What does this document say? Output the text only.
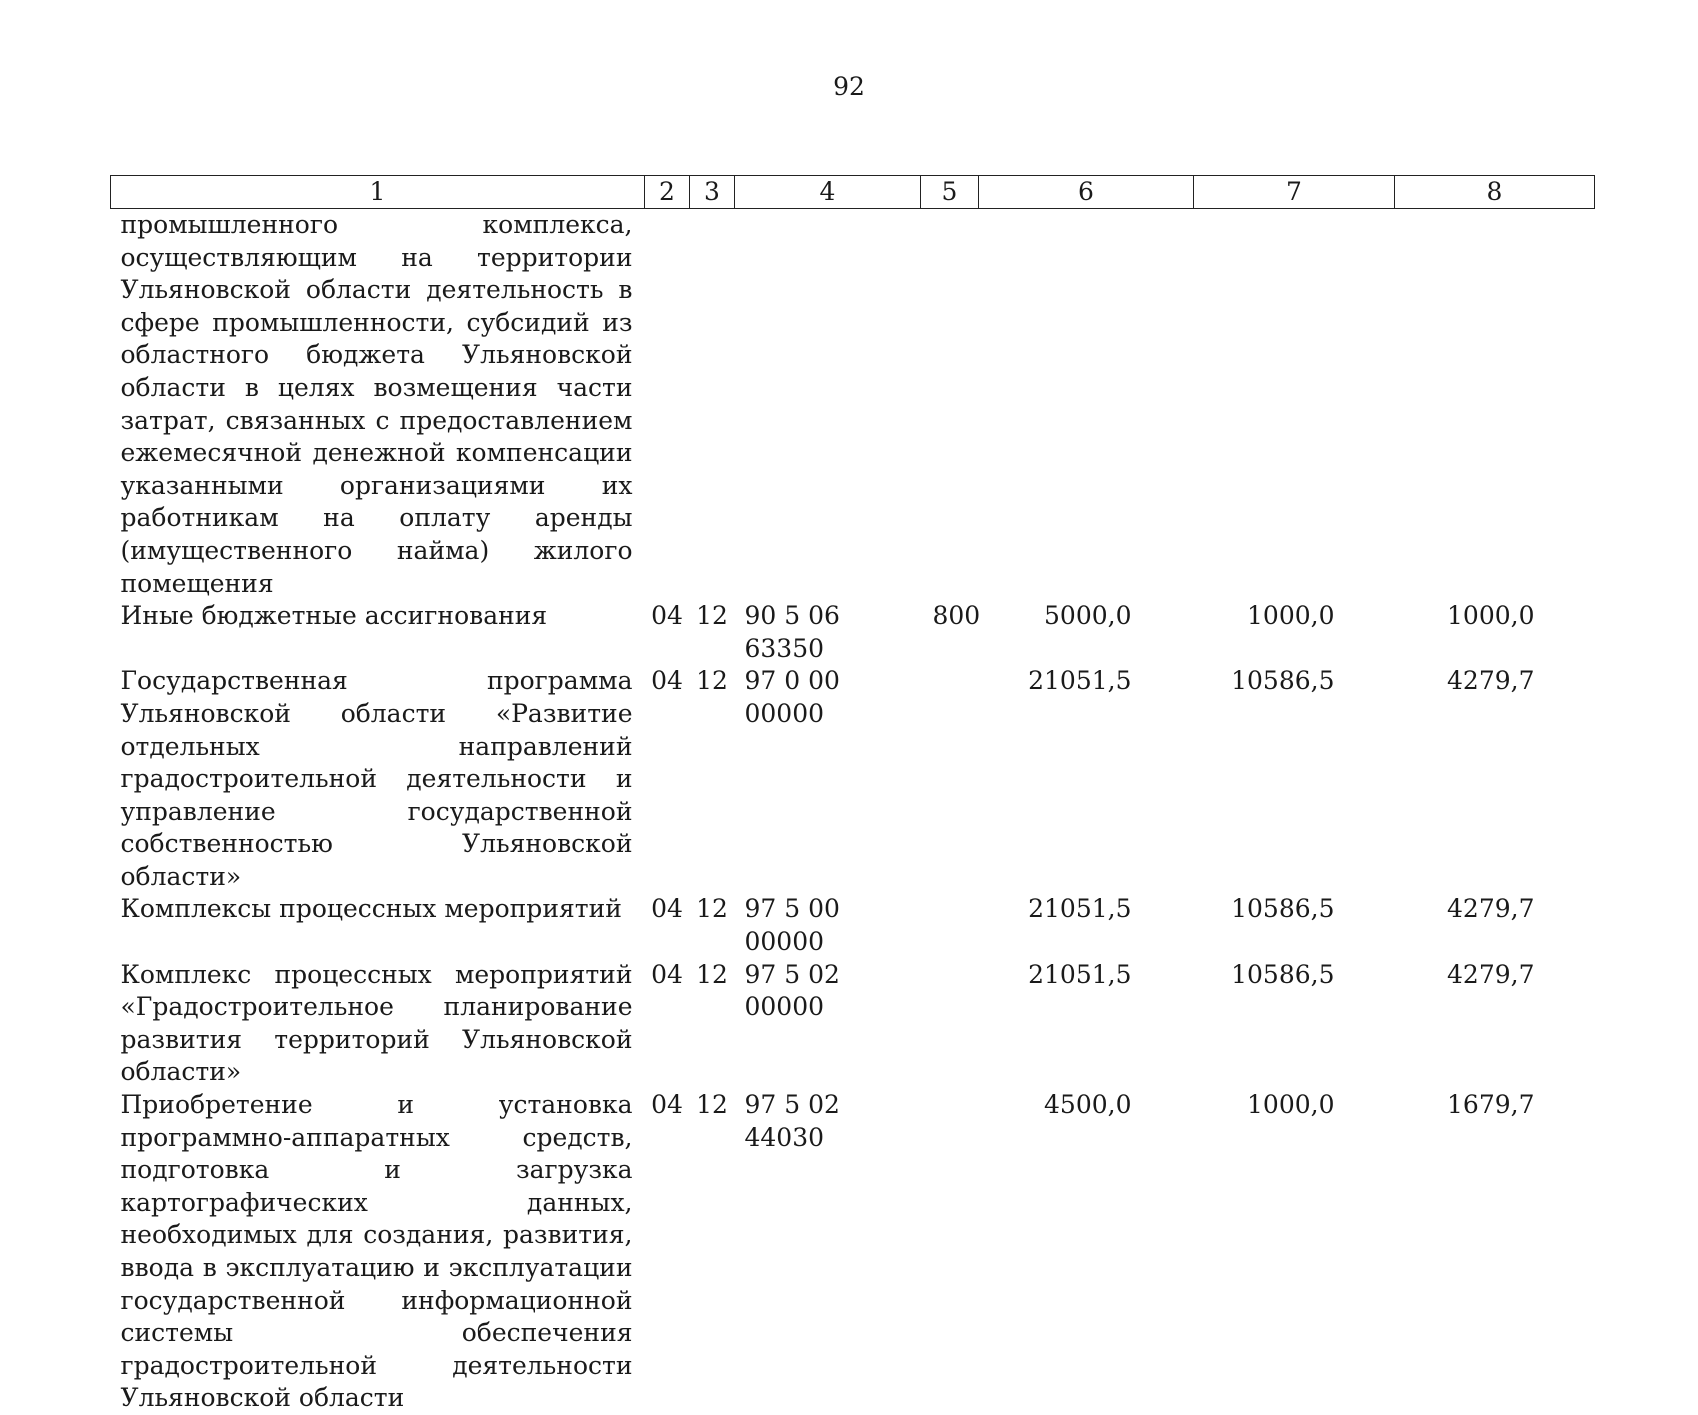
92
1	2	3	4	5	6	7	8
промышленного комплекса, осуществляющим на территории Ульяновской области деятельность в сфере промышленности, субсидий из областного бюджета Ульяновской области в целях возмещения части затрат, связанных с предоставлением ежемесячной денежной компенсации указанными организациями их работникам на оплату аренды (имущественного найма) жилого помещения							
Иные бюджетные ассигнования	04	12	90 5 06 63350	800	5000,0	1000,0	1000,0
Государственная программа Ульяновской области «Развитие отдельных направлений градостроительной деятельности и управление государственной собственностью Ульяновской области»	04	12	97 0 00 00000		21051,5	10586,5	4279,7
Комплексы процессных мероприятий	04	12	97 5 00 00000		21051,5	10586,5	4279,7
Комплекс процессных мероприятий «Градостроительное планирование развития территорий Ульяновской области»	04	12	97 5 02 00000		21051,5	10586,5	4279,7
Приобретение и установка программно-аппаратных средств, подготовка и загрузка картографических данных, необходимых для создания, развития, ввода в эксплуатацию и эксплуатации государственной информационной системы обеспечения градостроительной деятельности Ульяновской области	04	12	97 5 02 44030		4500,0	1000,0	1679,7
